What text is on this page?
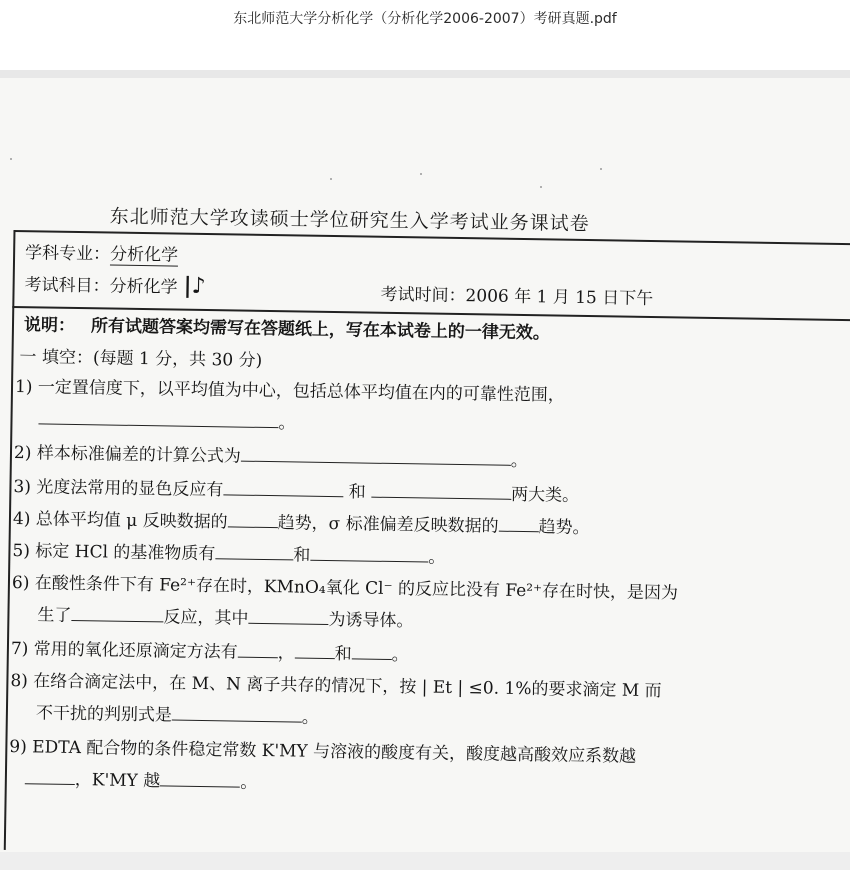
东北师范大学分析化学（分析化学2006-2007）考研真题.pdf
东北师范大学攻读硕士学位研究生入学考试业务课试卷
学科专业：分析化学
考试科目：分析化学 |♪	考试时间：2006 年 1 月 15 日下午
说明： 所有试题答案均需写在答题纸上，写在本试卷上的一律无效。
一 填空：(每题 1 分，共 30 分)
1) 一定置信度下，以平均值为中心，包括总体平均值在内的可靠性范围，
。
2) 样本标准偏差的计算公式为	。
3) 光度法常用的显色反应有	和	两大类。
4) 总体平均值 μ 反映数据的	趋势，σ 标准偏差反映数据的 趋势。
5) 标定 HCl 的基准物质有	和	。
6) 在酸性条件下有 Fe²⁺存在时，KMnO₄氧化 Cl⁻ 的反应比没有 Fe²⁺存在时快，是因为
生了	反应，其中	为诱导体。
7) 常用的氧化还原滴定方法有 ， 和 。
8) 在络合滴定法中，在 M、N 离子共存的情况下，按 | Et | ≤0. 1%的要求滴定 M 而
不干扰的判别式是	。
9) EDTA 配合物的条件稳定常数 K'MY 与溶液的酸度有关，酸度越高酸效应系数越
，K'MY 越	。
